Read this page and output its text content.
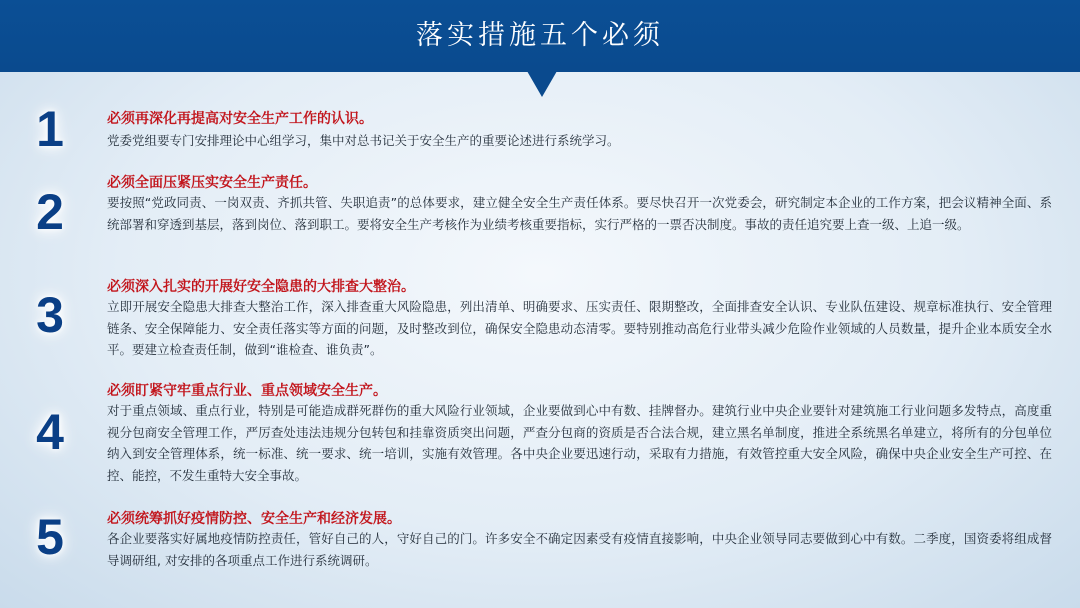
落实措施五个必须
1	必须再深化再提高对安全生产工作的认识。
党委党组要专门安排理论中心组学习，集中对总书记关于安全生产的重要论述进行系统学习。
2
必须全面压紧压实安全生产责任。
要按照“党政同责、一岗双责、齐抓共管、失职追责”的总体要求，建立健全安全生产责任体系。要尽快召开一次党委会，研究制定本企业的工作方案，把会议精神全面、系统部署和穿透到基层，落到岗位、落到职工。要将安全生产考核作为业绩考核重要指标，实行严格的一票否决制度。事故的责任追究要上查一级、上追一级。
3	必须深入扎实的开展好安全隐患的大排查大整治。
立即开展安全隐患大排查大整治工作，深入排查重大风险隐患，列出清单、明确要求、压实责任、限期整改，全面排查安全认识、专业队伍建设、规章标准执行、安全管理链条、安全保障能力、安全责任落实等方面的问题，及时整改到位，确保安全隐患动态清零。要特别推动高危行业带头减少危险作业领域的人员数量，提升企业本质安全水平。要建立检查责任制，做到“谁检查、谁负责”。
4
必须盯紧守牢重点行业、重点领域安全生产。
对于重点领域、重点行业，特别是可能造成群死群伤的重大风险行业领域，企业要做到心中有数、挂牌督办。建筑行业中央企业要针对建筑施工行业问题多发特点，高度重视分包商安全管理工作，严厉查处违法违规分包转包和挂靠资质突出问题，严查分包商的资质是否合法合规，建立黑名单制度，推进全系统黑名单建立，将所有的分包单位纳入到安全管理体系，统一标准、统一要求、统一培训，实施有效管理。各中央企业要迅速行动，采取有力措施，有效管控重大安全风险，确保中央企业安全生产可控、在控、能控，不发生重特大安全事故。
5	必须统筹抓好疫情防控、安全生产和经济发展。
各企业要落实好属地疫情防控责任，管好自己的人，守好自己的门。许多安全不确定因素受有疫情直接影响，中央企业领导同志要做到心中有数。二季度，国资委将组成督导调研组, 对安排的各项重点工作进行系统调研。
